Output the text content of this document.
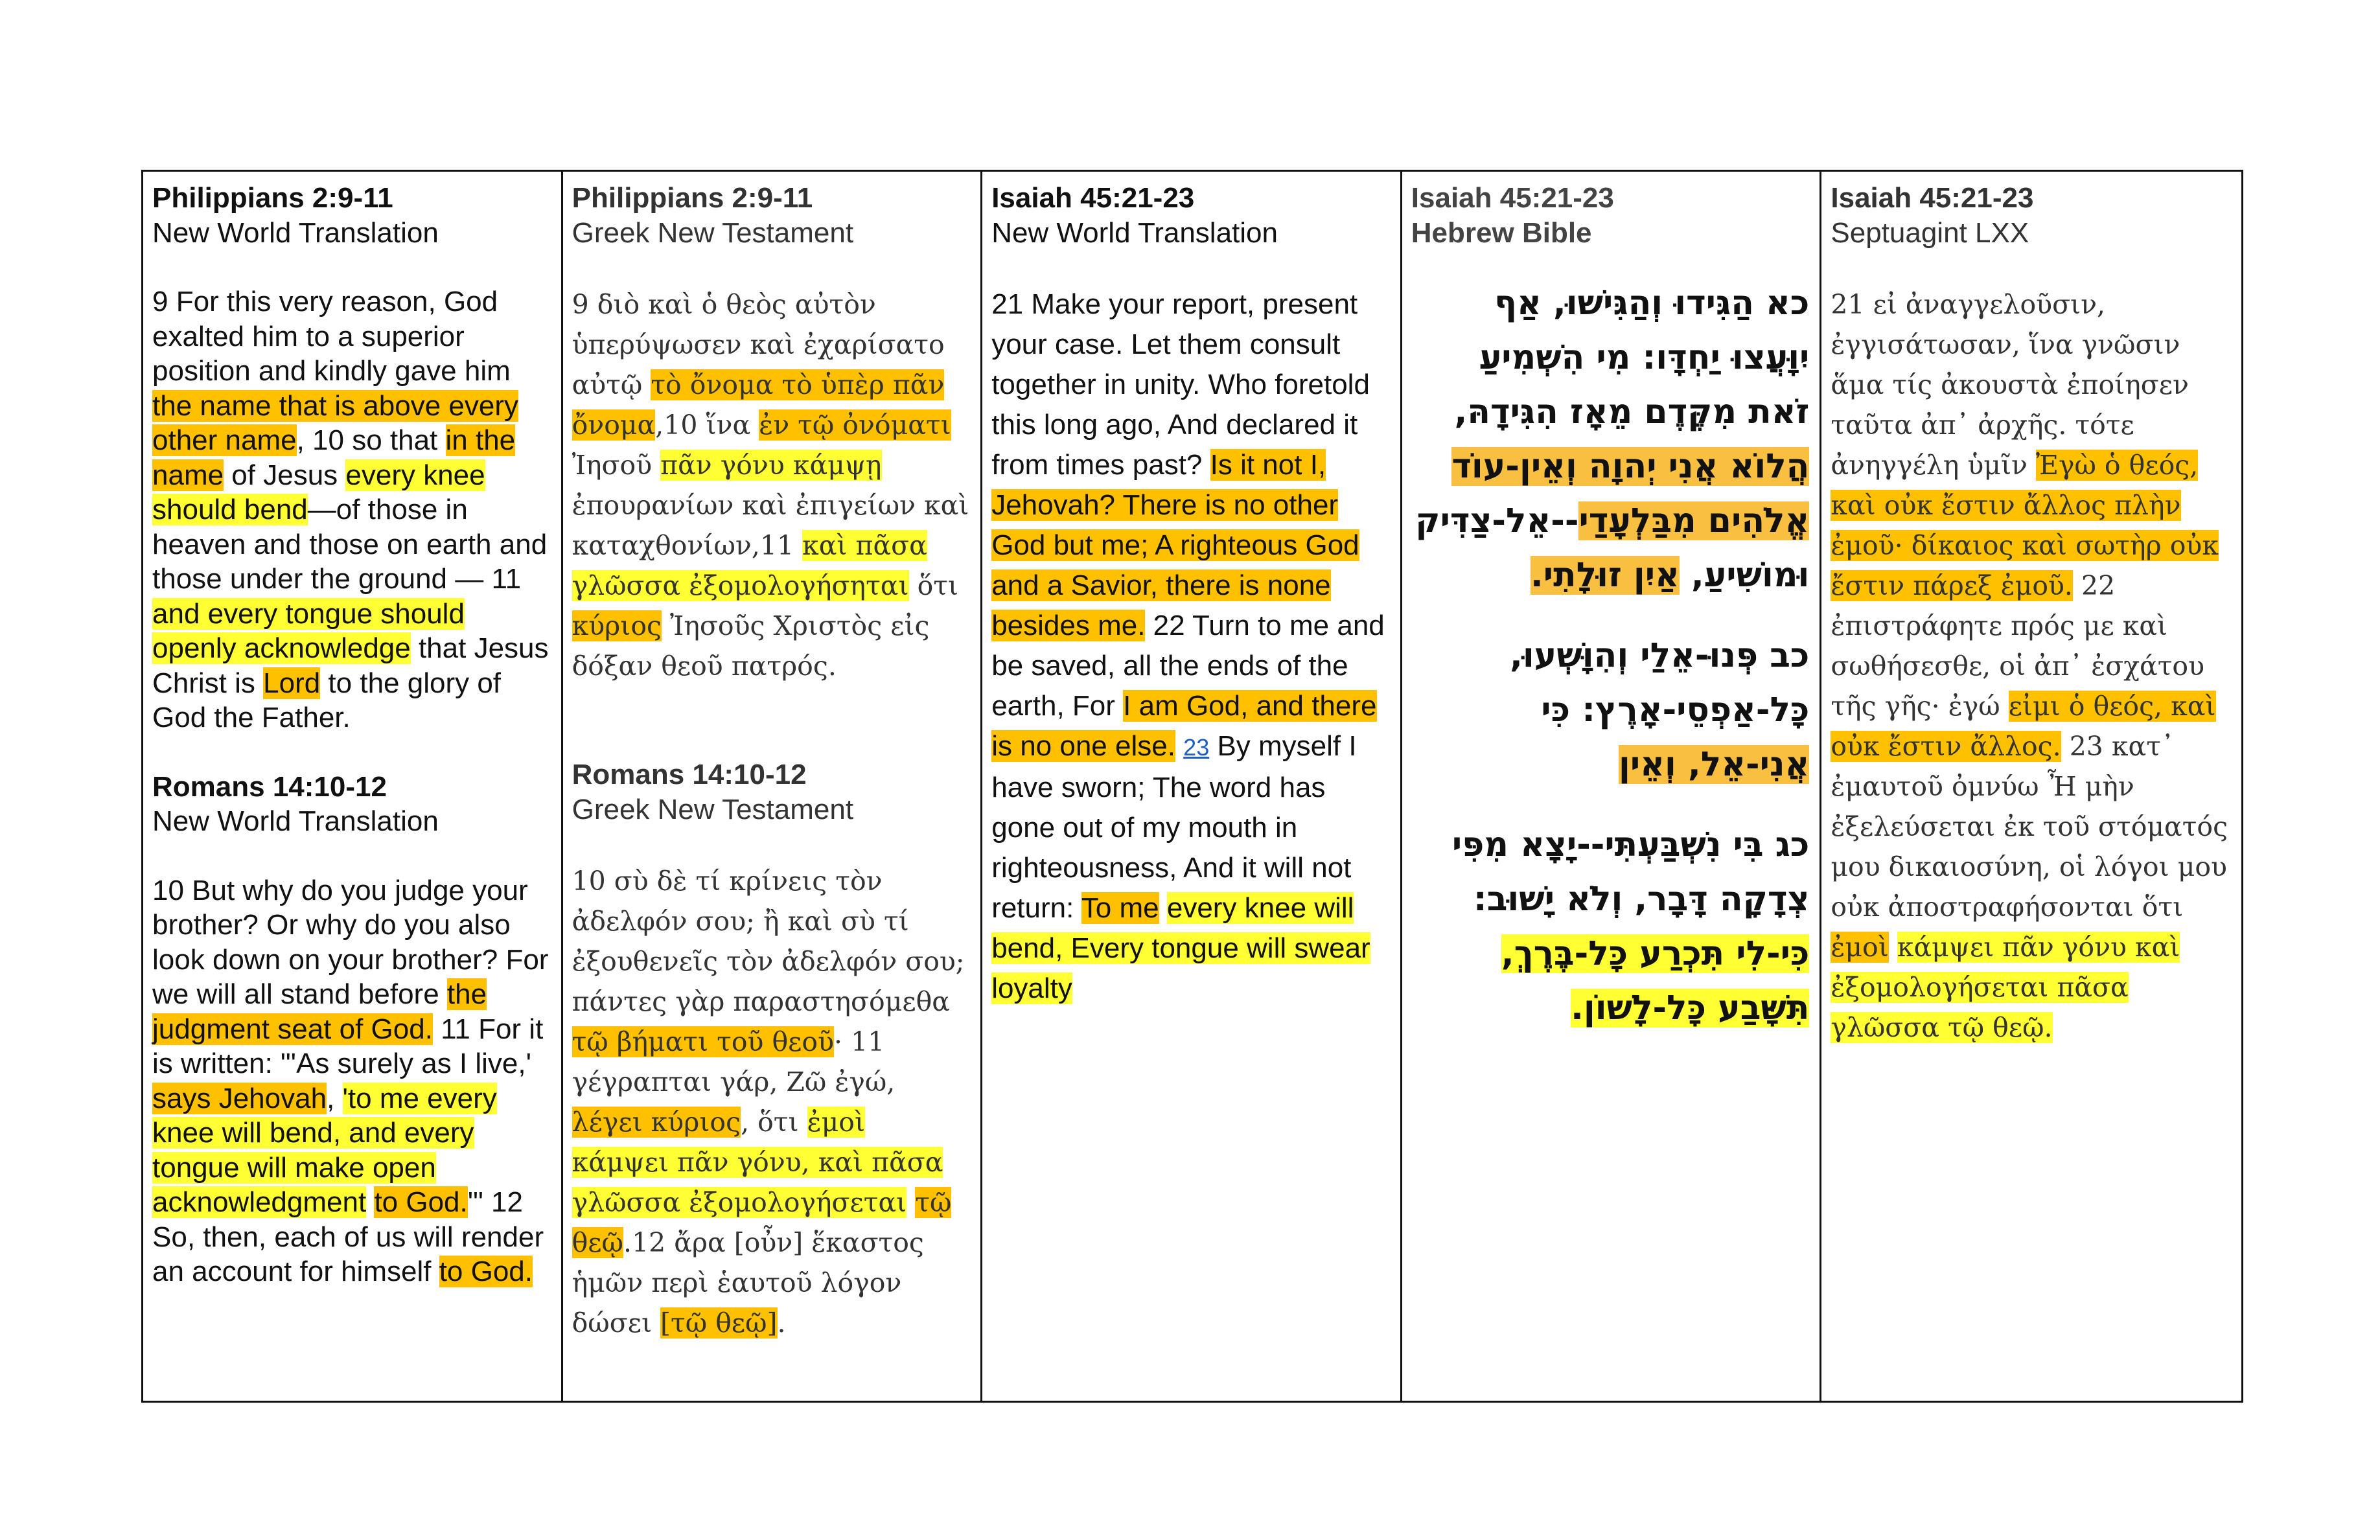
Philippians 2:9-11
New World Translation

9 For this very reason, God exalted him to a superior position and kindly gave him the name that is above every other name, 10 so that in the name of Jesus every knee should bend—of those in heaven and those on earth and those under the ground — 11 and every tongue should openly acknowledge that Jesus Christ is Lord to the glory of God the Father.

Romans 14:10-12
New World Translation

10 But why do you judge your brother? Or why do you also look down on your brother? For we will all stand before the judgment seat of God. 11 For it is written: "'As surely as I live,' says Jehovah, 'to me every knee will bend, and every tongue will make open acknowledgment to God.'" 12 So, then, each of us will render an account for himself to God.

Philippians 2:9-11
Greek New Testament

9 διὸ καὶ ὁ θεὸς αὐτὸν ὑπερύψωσεν καὶ ἐχαρίσατο αὐτῷ τὸ ὄνομα τὸ ὑπὲρ πᾶν ὄνομα,10 ἵνα ἐν τῷ ὀνόματι Ἰησοῦ πᾶν γόνυ κάμψῃ ἐπουρανίων καὶ ἐπιγείων καὶ καταχθονίων,11 καὶ πᾶσα γλῶσσα ἐξομολογήσηται ὅτι κύριος Ἰησοῦς Χριστὸς εἰς δόξαν θεοῦ πατρός.

Romans 14:10-12
Greek New Testament

10 σὺ δὲ τί κρίνεις τὸν ἀδελφόν σου; ἢ καὶ σὺ τί ἐξουθενεῖς τὸν ἀδελφόν σου; πάντες γὰρ παραστησόμεθα τῷ βήματι τοῦ θεοῦ· 11 γέγραπται γάρ, Ζῶ ἐγώ, λέγει κύριος, ὅτι ἐμοὶ κάμψει πᾶν γόνυ, καὶ πᾶσα γλῶσσα ἐξομολογήσεται τῷ θεῷ.12 ἄρα [οὖν] ἕκαστος ἡμῶν περὶ ἑαυτοῦ λόγον δώσει [τῷ θεῷ].

Isaiah 45:21-23
New World Translation

21 Make your report, present your case. Let them consult together in unity. Who foretold this long ago, And declared it from times past? Is it not I, Jehovah? There is no other God but me; A righteous God and a Savior, there is none besides me. 22 Turn to me and be saved, all the ends of the earth, For I am God, and there is no one else. 23 By myself I have sworn; The word has gone out of my mouth in righteousness, And it will not return: To me every knee will bend, Every tongue will swear loyalty

Isaiah 45:21-23
Hebrew Bible

כא הַגִּידוּ וְהַגִּישׁוּ, אַף יִוָּעֲצוּ יַחְדָּו: מִי הִשְׁמִיעַ זֹאת מִקֶּדֶם מֵאָז הִגִּידָהּ, הֲלוֹא אֲנִי יְהוָה וְאֵין-עוֹד אֱלֹהִים מִבַּלְעָדַי--אֵל-צַדִּיק וּמוֹשִׁיעַ, אַיִן זוּלָתִי.

כב פְּנוּ-אֵלַי וְהִוָּשְׁעוּ, כָּל-אַפְסֵי-אָרֶץ: כִּי אֲנִי-אֵל, וְאֵין

כג בִּי נִשְׁבַּעְתִּי--יָצָא מִפִּי צְדָקָה דָּבָר, וְלֹא יָשׁוּב: כִּי-לִי תִּכְרַע כָּל-בֶּרֶךְ, תִּשָּׁבַע כָּל-לָשׁוֹן.

Isaiah 45:21-23
Septuagint LXX

21 εἰ ἀναγγελοῦσιν, ἐγγισάτωσαν, ἵνα γνῶσιν ἅμα τίς ἀκουστὰ ἐποίησεν ταῦτα ἀπ᾽ ἀρχῆς. τότε ἀνηγγέλη ὑμῖν Ἐγὼ ὁ θεός, καὶ οὐκ ἔστιν ἄλλος πλὴν ἐμοῦ· δίκαιος καὶ σωτὴρ οὐκ ἔστιν πάρεξ ἐμοῦ. 22 ἐπιστράφητε πρός με καὶ σωθήσεσθε, οἱ ἀπ᾽ ἐσχάτου τῆς γῆς· ἐγώ εἰμι ὁ θεός, καὶ οὐκ ἔστιν ἄλλος. 23 κατ᾽ ἐμαυτοῦ ὀμνύω Ἦ μὴν ἐξελεύσεται ἐκ τοῦ στόματός μου δικαιοσύνη, οἱ λόγοι μου οὐκ ἀποστραφήσονται ὅτι ἐμοὶ κάμψει πᾶν γόνυ καὶ ἐξομολογήσεται πᾶσα γλῶσσα τῷ θεῷ.
